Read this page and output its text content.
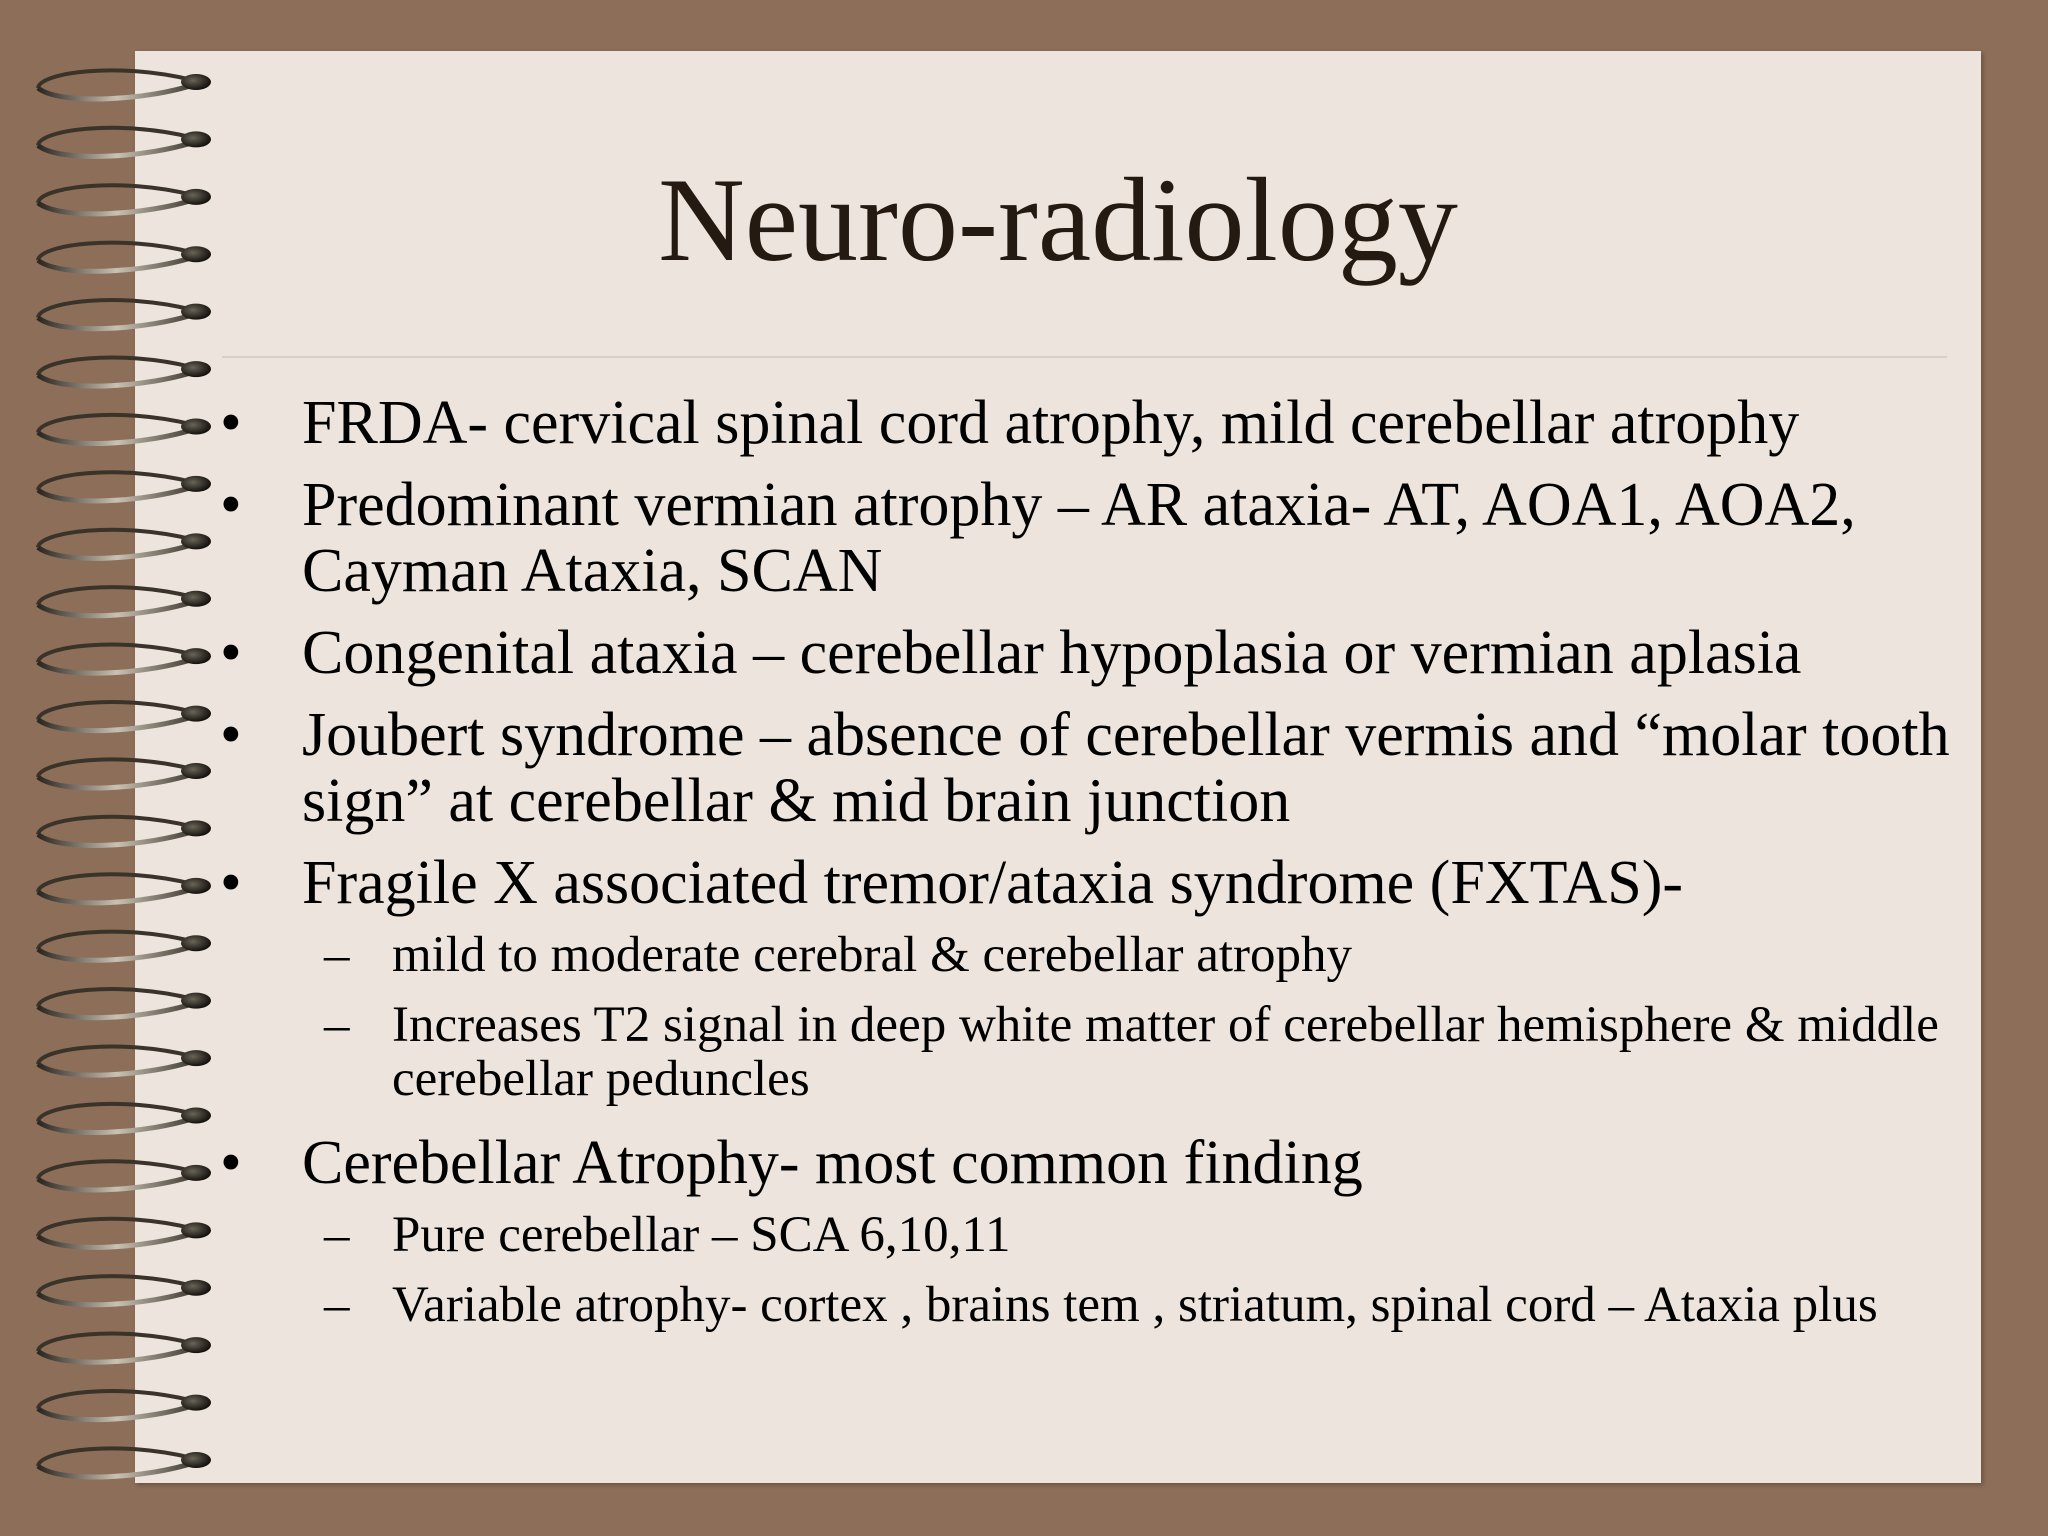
Neuro-radiology
• FRDA- cervical spinal cord atrophy, mild cerebellar atrophy
• Predominant vermian atrophy – AR ataxia- AT, AOA1, AOA2, Cayman Ataxia, SCAN
• Congenital ataxia – cerebellar hypoplasia or vermian aplasia
• Joubert syndrome – absence of cerebellar vermis and “molar tooth sign” at cerebellar & mid brain junction
• Fragile X associated tremor/ataxia syndrome (FXTAS)-
– mild to moderate cerebral & cerebellar atrophy
– Increases T2 signal in deep white matter of cerebellar hemisphere & middle cerebellar peduncles
• Cerebellar Atrophy- most common finding
– Pure cerebellar – SCA 6,10,11
– Variable atrophy- cortex , brains tem , striatum, spinal cord – Ataxia plus
